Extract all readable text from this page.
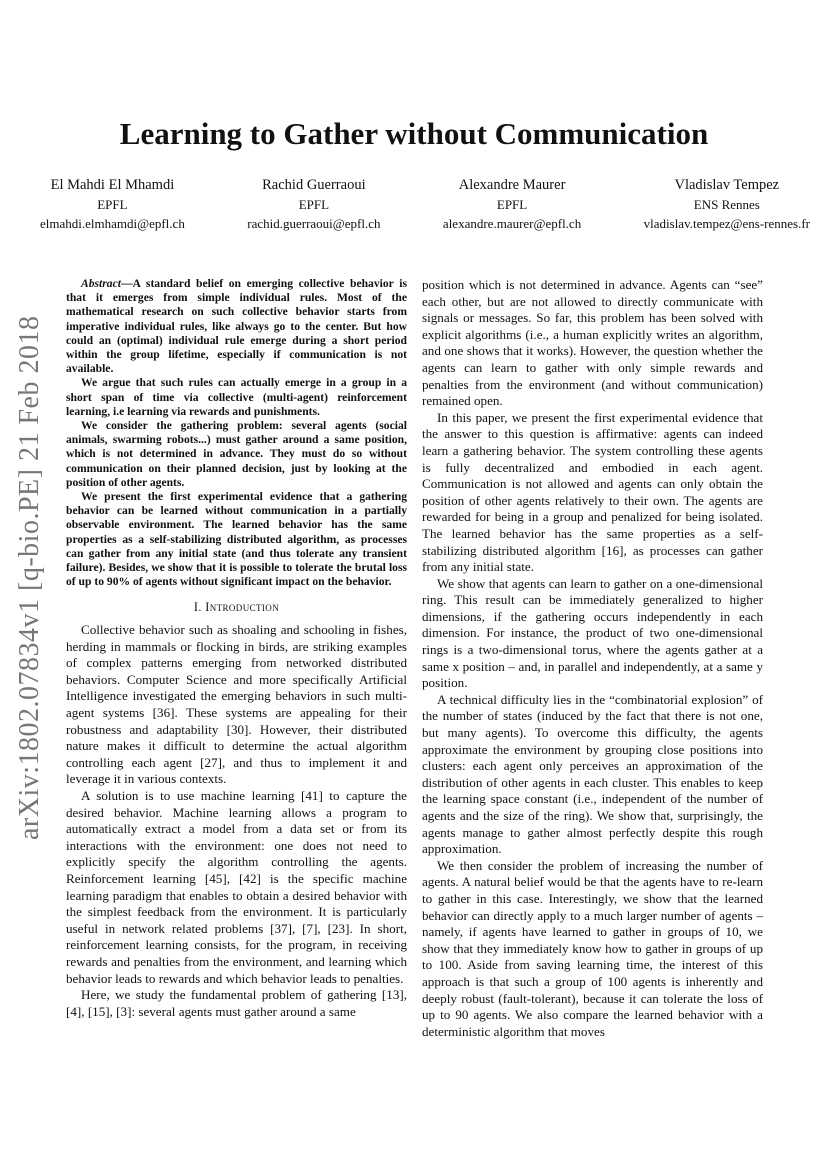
arXiv:1802.07834v1 [q-bio.PE] 21 Feb 2018
Learning to Gather without Communication
El Mahdi El Mhamdi
EPFL
elmahdi.elmhamdi@epfl.ch
Rachid Guerraoui
EPFL
rachid.guerraoui@epfl.ch
Alexandre Maurer
EPFL
alexandre.maurer@epfl.ch
Vladislav Tempez
ENS Rennes
vladislav.tempez@ens-rennes.fr

Abstract—A standard belief on emerging collective behavior is that it emerges from simple individual rules. Most of the mathematical research on such collective behavior starts from imperative individual rules, like always go to the center. But how could an (optimal) individual rule emerge during a short period within the group lifetime, especially if communication is not available.

We argue that such rules can actually emerge in a group in a short span of time via collective (multi-agent) reinforcement learning, i.e learning via rewards and punishments.

We consider the gathering problem: several agents (social animals, swarming robots...) must gather around a same position, which is not determined in advance. They must do so without communication on their planned decision, just by looking at the position of other agents.

We present the first experimental evidence that a gathering behavior can be learned without communication in a partially observable environment. The learned behavior has the same properties as a self-stabilizing distributed algorithm, as processes can gather from any initial state (and thus tolerate any transient failure). Besides, we show that it is possible to tolerate the brutal loss of up to 90% of agents without significant impact on the behavior.

I. Introduction

Collective behavior such as shoaling and schooling in fishes, herding in mammals or flocking in birds, are striking examples of complex patterns emerging from networked distributed behaviors. Computer Science and more specifically Artificial Intelligence investigated the emerging behaviors in such multi-agent systems [36]. These systems are appealing for their robustness and adaptability [30]. However, their distributed nature makes it difficult to determine the actual algorithm controlling each agent [27], and thus to implement it and leverage it in various contexts.

A solution is to use machine learning [41] to capture the desired behavior. Machine learning allows a program to automatically extract a model from a data set or from its interactions with the environment: one does not need to explicitly specify the algorithm controlling the agents. Reinforcement learning [45], [42] is the specific machine learning paradigm that enables to obtain a desired behavior with the simplest feedback from the environment. It is particularly useful in network related problems [37], [7], [23]. In short, reinforcement learning consists, for the program, in receiving rewards and penalties from the environment, and learning which behavior leads to rewards and which behavior leads to penalties.

Here, we study the fundamental problem of gathering [13], [4], [15], [3]: several agents must gather around a same

position which is not determined in advance. Agents can “see” each other, but are not allowed to directly communicate with signals or messages. So far, this problem has been solved with explicit algorithms (i.e., a human explicitly writes an algorithm, and one shows that it works). However, the question whether the agents can learn to gather with only simple rewards and penalties from the environment (and without communication) remained open.

In this paper, we present the first experimental evidence that the answer to this question is affirmative: agents can indeed learn a gathering behavior. The system controlling these agents is fully decentralized and embodied in each agent. Communication is not allowed and agents can only obtain the position of other agents relatively to their own. The agents are rewarded for being in a group and penalized for being isolated. The learned behavior has the same properties as a self-stabilizing distributed algorithm [16], as processes can gather from any initial state.

We show that agents can learn to gather on a one-dimensional ring. This result can be immediately generalized to higher dimensions, if the gathering occurs independently in each dimension. For instance, the product of two one-dimensional rings is a two-dimensional torus, where the agents gather at a same x position – and, in parallel and independently, at a same y position.

A technical difficulty lies in the “combinatorial explosion” of the number of states (induced by the fact that there is not one, but many agents). To overcome this difficulty, the agents approximate the environment by grouping close positions into clusters: each agent only perceives an approximation of the distribution of other agents in each cluster. This enables to keep the learning space constant (i.e., independent of the number of agents and the size of the ring). We show that, surprisingly, the agents manage to gather almost perfectly despite this rough approximation.

We then consider the problem of increasing the number of agents. A natural belief would be that the agents have to re-learn to gather in this case. Interestingly, we show that the learned behavior can directly apply to a much larger number of agents – namely, if agents have learned to gather in groups of 10, we show that they immediately know how to gather in groups of up to 100. Aside from saving learning time, the interest of this approach is that such a group of 100 agents is inherently and deeply robust (fault-tolerant), because it can tolerate the loss of up to 90 agents. We also compare the learned behavior with a deterministic algorithm that moves
